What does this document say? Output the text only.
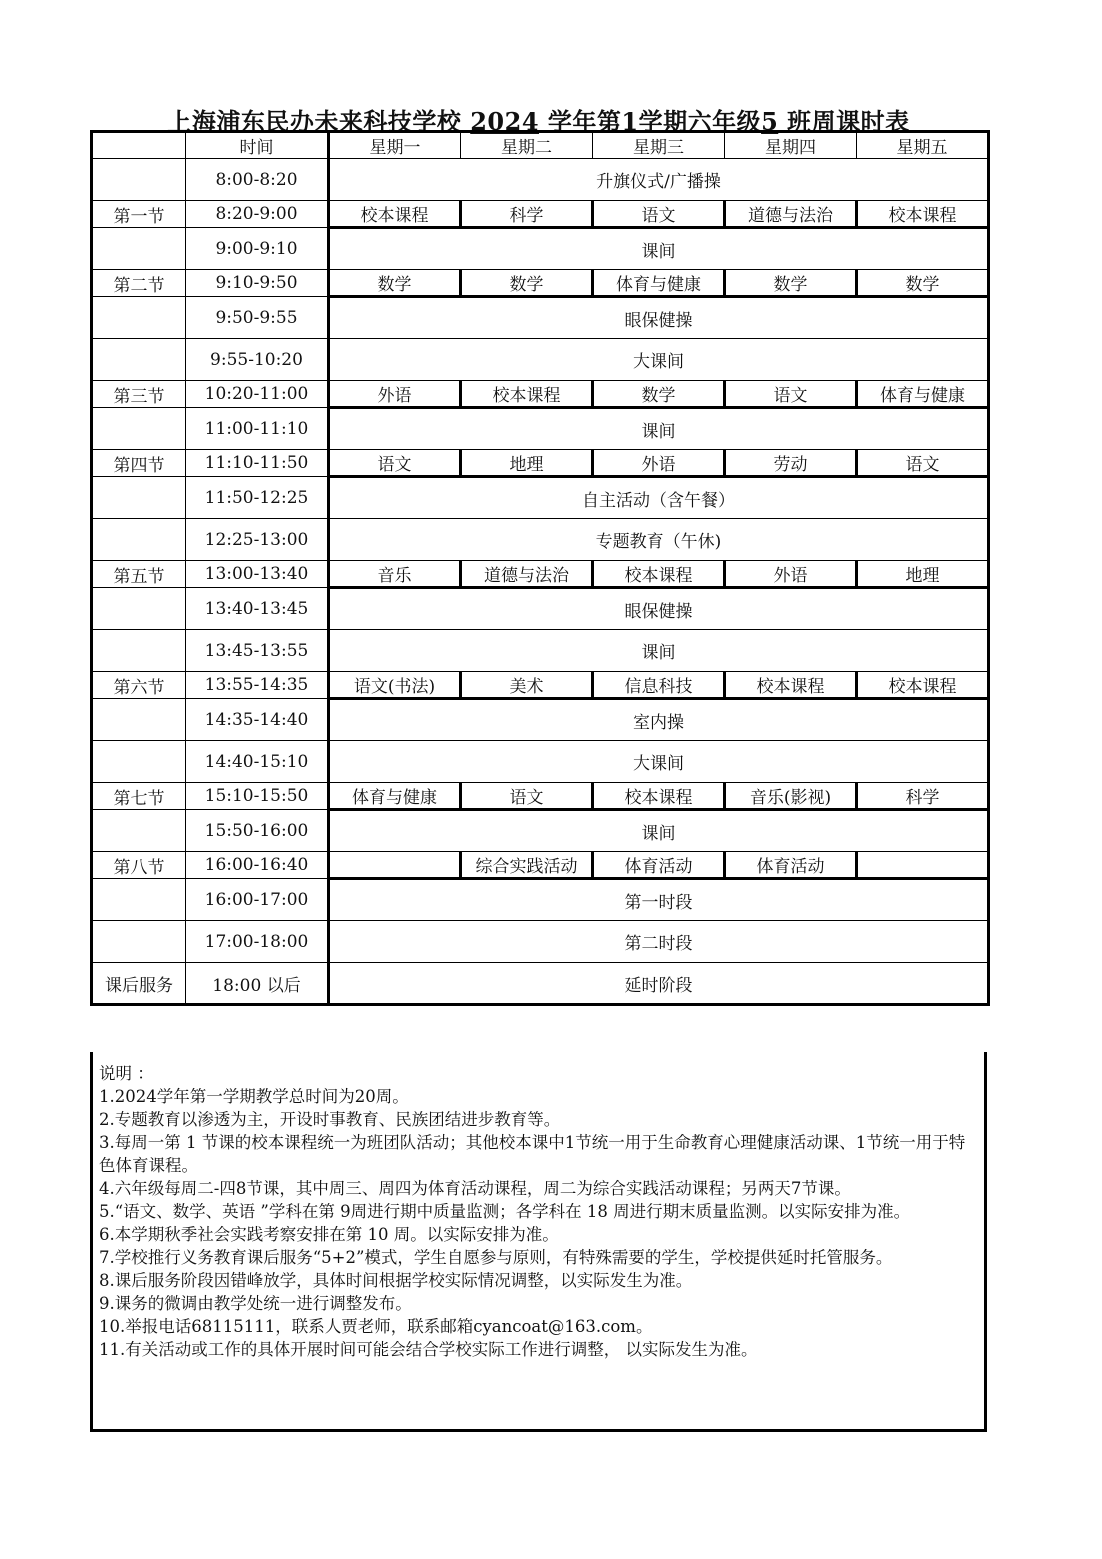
上海浦东民办未来科技学校 2024 学年第1学期六年级5 班周课时表
	时间	星期一	星期二	星期三	星期四	星期五
	8:00-8:20	升旗仪式/广播操				
第一节	8:20-9:00	校本课程	科学	语文	道德与法治	校本课程
	9:00-9:10	课间				
第二节	9:10-9:50	数学	数学	体育与健康	数学	数学
	9:50-9:55	眼保健操				
	9:55-10:20	大课间				
第三节	10:20-11:00	外语	校本课程	数学	语文	体育与健康
	11:00-11:10	课间				
第四节	11:10-11:50	语文	地理	外语	劳动	语文
	11:50-12:25	自主活动（含午餐）				
	12:25-13:00	专题教育（午休)				
第五节	13:00-13:40	音乐	道德与法治	校本课程	外语	地理
	13:40-13:45	眼保健操				
	13:45-13:55	课间				
第六节	13:55-14:35	语文(书法)	美术	信息科技	校本课程	校本课程
	14:35-14:40	室内操				
	14:40-15:10	大课间				
第七节	15:10-15:50	体育与健康	语文	校本课程	音乐(影视)	科学
	15:50-16:00	课间				
第八节	16:00-16:40		综合实践活动	体育活动	体育活动	
	16:00-17:00	第一时段				
	17:00-18:00	第二时段				
课后服务	18:00 以后	延时阶段				
说明 ：
1.2024学年第一学期教学总时间为20周。
2.专题教育以渗透为主，开设时事教育、民族团结进步教育等。
3.每周一第 1 节课的校本课程统一为班团队活动；其他校本课中1节统一用于生命教育心理健康活动课、1节统一用于特色体育课程。
4.六年级每周二-四8节课，其中周三、周四为体育活动课程，周二为综合实践活动课程；另两天7节课。
5.“语文、数学、英语 ”学科在第 9周进行期中质量监测；各学科在 18 周进行期末质量监测。以实际安排为准。
6.本学期秋季社会实践考察安排在第 10 周。以实际安排为准。
7.学校推行义务教育课后服务“5+2”模式，学生自愿参与原则，有特殊需要的学生，学校提供延时托管服务。
8.课后服务阶段因错峰放学，具体时间根据学校实际情况调整，以实际发生为准。
9.课务的微调由教学处统一进行调整发布。
10.举报电话68115111，联系人贾老师，联系邮箱cyancoat@163.com。
11.有关活动或工作的具体开展时间可能会结合学校实际工作进行调整， 以实际发生为准。
